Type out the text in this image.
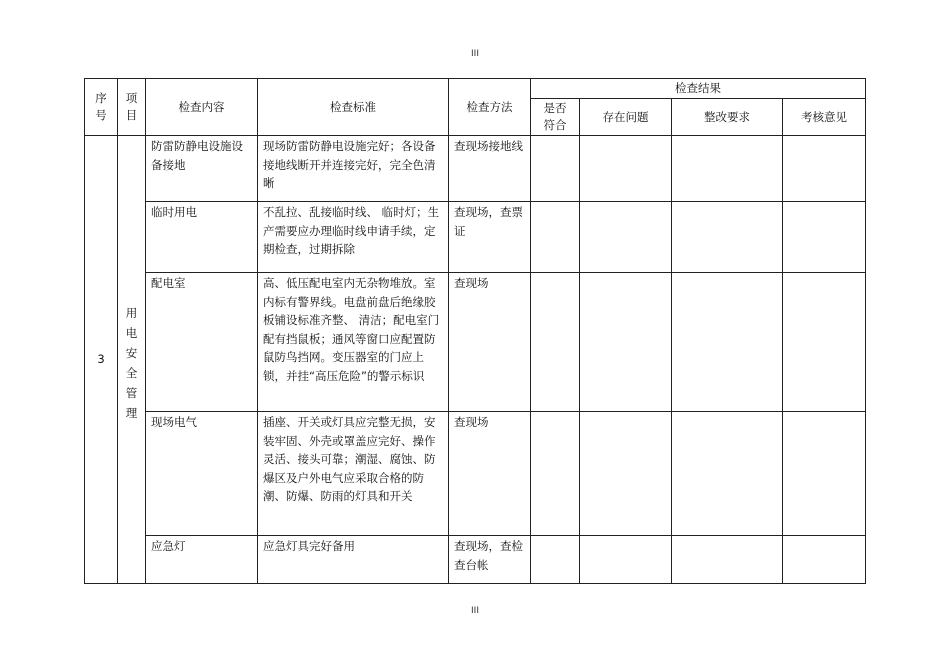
III
序号	项目	检查内容	检查标准	检查方法	检查结果			
					是否符合	存在问题	整改要求	考核意见
3	用电安全管理	防雷防静电设施设备接地	现场防雷防静电设施完好；各设备接地线断开并连接完好，完全色清晰	查现场接地线				

		临时用电	不乱拉、乱接临时线、 临时灯；生产需要应办理临时线申请手续，定期检查，过期拆除	查现场，查票证				

		配电室	高、低压配电室内无杂物堆放。室内标有警界线。电盘前盘后绝缘胶板铺设标准齐整、 清洁；配电室门配有挡鼠板；通风等窗口应配置防鼠防鸟挡网。变压器室的门应上锁，并挂“高压危险”的警示标识	查现场				

		现场电气	插座、开关或灯具应完整无损，安装牢固、外壳或罩盖应完好、操作灵活、接头可靠；潮湿、腐蚀、防爆区及户外电气应采取合格的防潮、防爆、防雨的灯具和开关	查现场				

		应急灯	应急灯具完好备用	查现场，查检查台帐				

III
